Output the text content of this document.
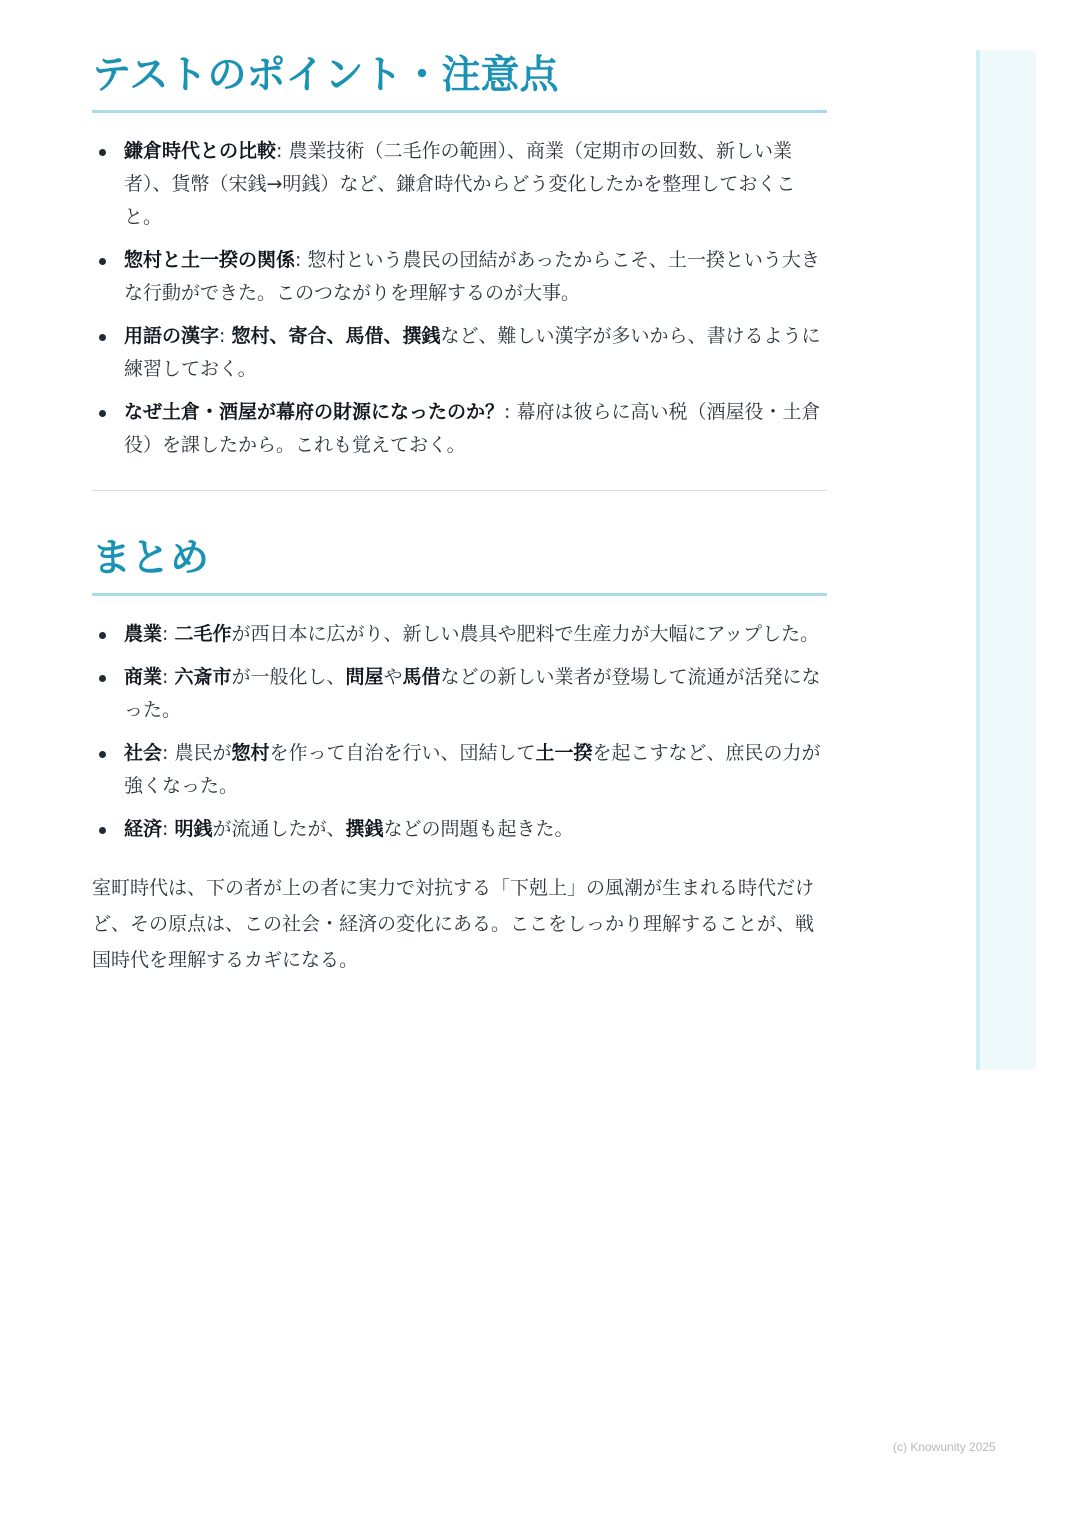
テストのポイント・注意点
鎌倉時代との比較: 農業技術（二毛作の範囲）、商業（定期市の回数、新しい業者）、貨幣（宋銭→明銭）など、鎌倉時代からどう変化したかを整理しておくこと。
惣村と土一揆の関係: 惣村という農民の団結があったからこそ、土一揆という大きな行動ができた。このつながりを理解するのが大事。
用語の漢字: 惣村、寄合、馬借、撰銭など、難しい漢字が多いから、書けるように練習しておく。
なぜ土倉・酒屋が幕府の財源になったのか？: 幕府は彼らに高い税（酒屋役・土倉役）を課したから。これも覚えておく。
まとめ
農業: 二毛作が西日本に広がり、新しい農具や肥料で生産力が大幅にアップした。
商業: 六斎市が一般化し、問屋や馬借などの新しい業者が登場して流通が活発になった。
社会: 農民が惣村を作って自治を行い、団結して土一揆を起こすなど、庶民の力が強くなった。
経済: 明銭が流通したが、撰銭などの問題も起きた。

室町時代は、下の者が上の者に実力で対抗する「下剋上」の風潮が生まれる時代だけど、その原点は、この社会・経済の変化にある。ここをしっかり理解することが、戦国時代を理解するカギになる。

(c) Knowunity 2025
